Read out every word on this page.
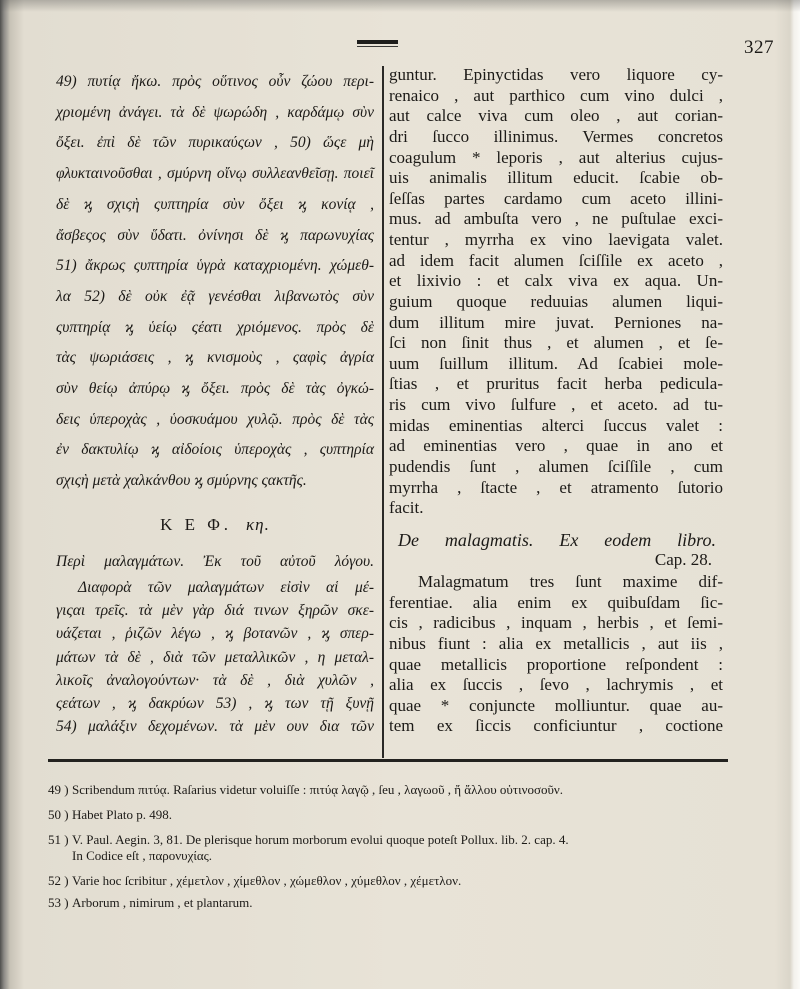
327
49) πυτίᾳ ἤκω. πρὸς οὕτινος οὖν ζώου περι-
χριομένη ἀνάγει. τὰ δὲ ψωρώδη , καρδάμῳ σὺν
ὄξει. ἐπὶ δὲ τῶν πυρικαύςων , 50) ὥςε μὴ
φλυκταινοῦσθαι , σμύρνη οἴνῳ συλλεανθεῖσῃ. ποιεῖ
δὲ ϗ σχιςὴ ςυπτηρία σὺν ὄξει ϗ κονίᾳ ,
ἄσβεςος σὺν ὕδατι. ὀνίνησι δὲ ϗ παρωνυχίας
51) ἄκρως ςυπτηρία ὑγρὰ καταχριομένη. χώμεθ-
λα 52) δὲ οὐκ ἐᾷ γενέσθαι λιβανωτὸς σὺν
ςυπτηρίᾳ ϗ ὑείῳ ςέατι χριόμενος. πρὸς δὲ
τὰς ψωριάσεις , ϗ κνισμοὺς , ςαφὶς ἀγρία
σὺν θείῳ ἀπύρῳ ϗ ὄξει. πρὸς δὲ τὰς ὀγκώ-
δεις ὑπεροχὰς , ὑοσκυάμου χυλῷ. πρὸς δὲ τὰς
ἐν δακτυλίῳ ϗ αἰδοίοις ὑπεροχὰς , ςυπτηρία
σχιςὴ μετὰ χαλκάνθου ϗ σμύρνης ςακτῆς.
Κ Ε Φ. κη.
Περὶ μαλαγμάτων. Ἐκ τοῦ αὐτοῦ λόγου.
Διαφορὰ τῶν μαλαγμάτων εἰσὶν αἱ μέ-
γιςαι τρεῖς. τὰ μὲν γὰρ διά τινων ξηρῶν σκε-
υάζεται , ῥιζῶν λέγω , ϗ βοτανῶν , ϗ σπερ-
μάτων τὰ δὲ , διὰ τῶν μεταλλικῶν , η μεταλ-
λικοῖς ἀναλογούντων· τὰ δὲ , διὰ χυλῶν ,
ςεάτων , ϗ δακρύων 53) , ϗ των τῇ ξυνῇ
54) μαλάξιν δεχομένων. τὰ μὲν ουν δια τῶν
guntur. Epinyctidas vero liquore cy-
renaico , aut parthico cum vino dulci ,
aut calce viva cum oleo , aut corian-
dri ſucco illinimus. Vermes concretos
coagulum * leporis , aut alterius cujus-
uis animalis illitum educit. ſcabie ob-
ſeſſas partes cardamo cum aceto illini-
mus. ad ambuſta vero , ne puſtulae exci-
tentur , myrrha ex vino laevigata valet.
ad idem facit alumen ſciſſile ex aceto ,
et lixivio : et calx viva ex aqua. Un-
guium quoque reduuias alumen liqui-
dum illitum mire juvat. Perniones na-
ſci non ſinit thus , et alumen , et ſe-
uum ſuillum illitum. Ad ſcabiei mole-
ſtias , et pruritus facit herba pedicula-
ris cum vivo ſulfure , et aceto. ad tu-
midas eminentias alterci ſuccus valet :
ad eminentias vero , quae in ano et
pudendis ſunt , alumen ſciſſile , cum
myrrha , ſtacte , et atramento ſutorio
facit.
De malagmatis. Ex eodem libro.
Cap. 28.
Malagmatum tres ſunt maxime dif-
ferentiae. alia enim ex quibuſdam ſic-
cis , radicibus , inquam , herbis , et ſemi-
nibus fiunt : alia ex metallicis , aut iis ,
quae metallicis proportione reſpondent :
alia ex ſuccis , ſevo , lachrymis , et
quae * conjuncte molliuntur. quae au-
tem ex ſiccis conficiuntur , coctione
49 ) Scribendum πιτύᾳ. Raſarius videtur voluiſſe : πιτύᾳ λαγῷ , ſeu , λαγωοῦ , ἤ ἄλλου οὑτινοσοῦν.
50 ) Habet Plato p. 498.
51 ) V. Paul. Aegin. 3, 81. De plerisque horum morborum evolui quoque poteſt Pollux. lib. 2. cap. 4.
In Codice eſt , παρονυχίας.
52 ) Varie hoc ſcribitur , χέμετλον , χίμεθλον , χώμεθλον , χύμεθλον , χέμετλον.
53 ) Arborum , nimirum , et plantarum.
